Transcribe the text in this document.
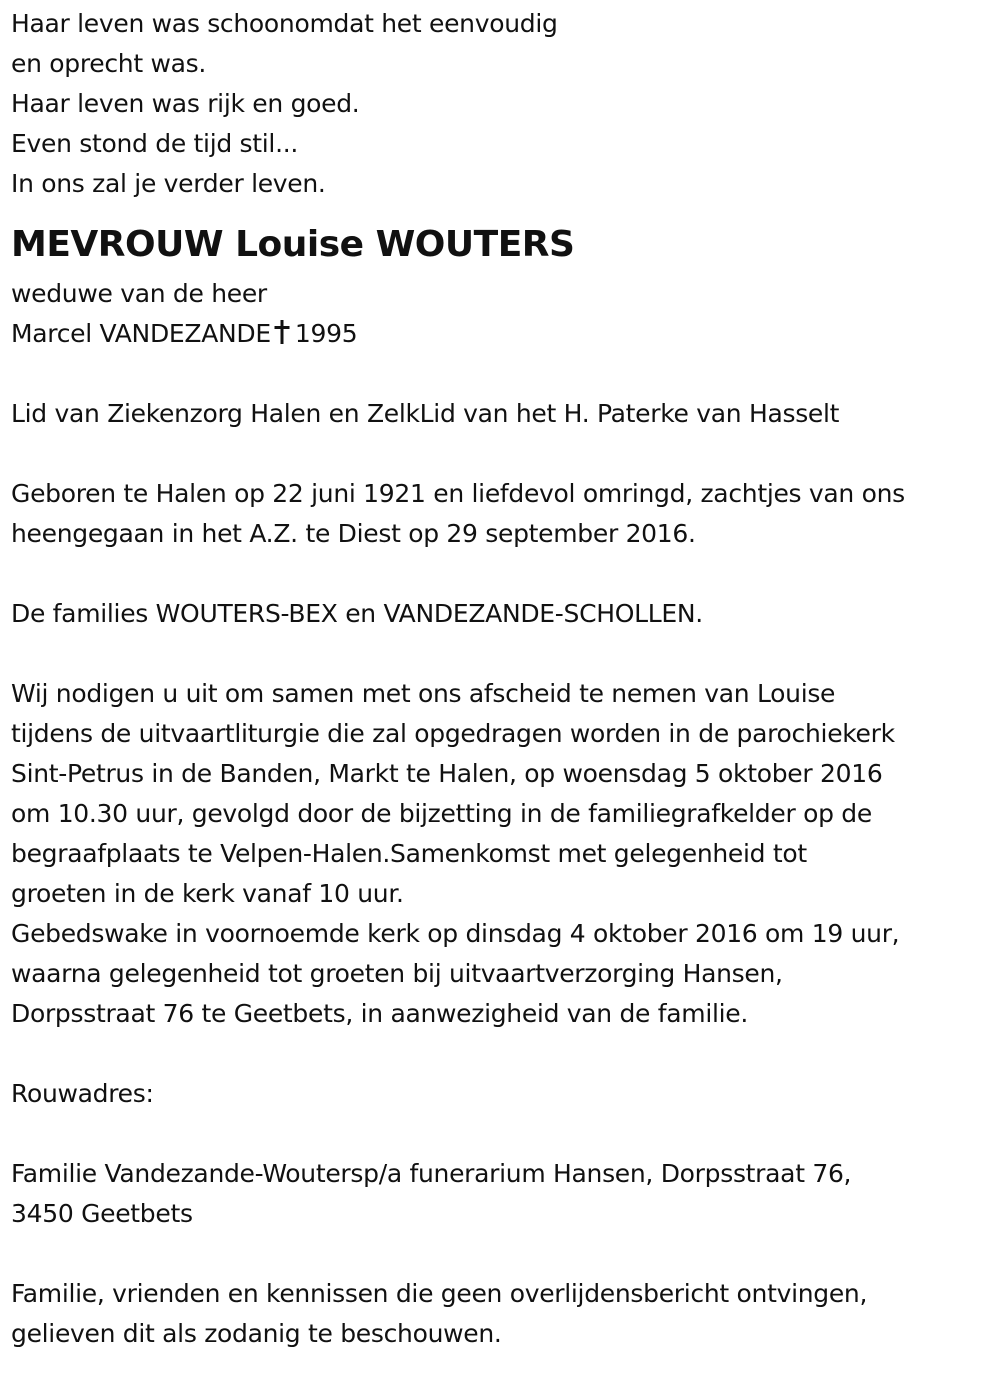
Haar leven was schoonomdat het eenvoudig
en oprecht was.
Haar leven was rijk en goed.
Even stond de tijd stil...
In ons zal je verder leven.
MEVROUW Louise WOUTERS
weduwe van de heer
Marcel VANDEZANDE 1995
Lid van Ziekenzorg Halen en ZelkLid van het H. Paterke van Hasselt
Geboren te Halen op 22 juni 1921 en liefdevol omringd, zachtjes van ons
heengegaan in het A.Z. te Diest op 29 september 2016.
De families WOUTERS-BEX en VANDEZANDE-SCHOLLEN.
Wij nodigen u uit om samen met ons afscheid te nemen van Louise
tijdens de uitvaartliturgie die zal opgedragen worden in de parochiekerk
Sint-Petrus in de Banden, Markt te Halen, op woensdag 5 oktober 2016
om 10.30 uur, gevolgd door de bijzetting in de familiegrafkelder op de
begraafplaats te Velpen-Halen.Samenkomst met gelegenheid tot
groeten in de kerk vanaf 10 uur.
Gebedswake in voornoemde kerk op dinsdag 4 oktober 2016 om 19 uur,
waarna gelegenheid tot groeten bij uitvaartverzorging Hansen,
Dorpsstraat 76 te Geetbets, in aanwezigheid van de familie.
Rouwadres:
Familie Vandezande-Woutersp/a funerarium Hansen, Dorpsstraat 76,
3450 Geetbets
Familie, vrienden en kennissen die geen overlijdensbericht ontvingen,
gelieven dit als zodanig te beschouwen.
